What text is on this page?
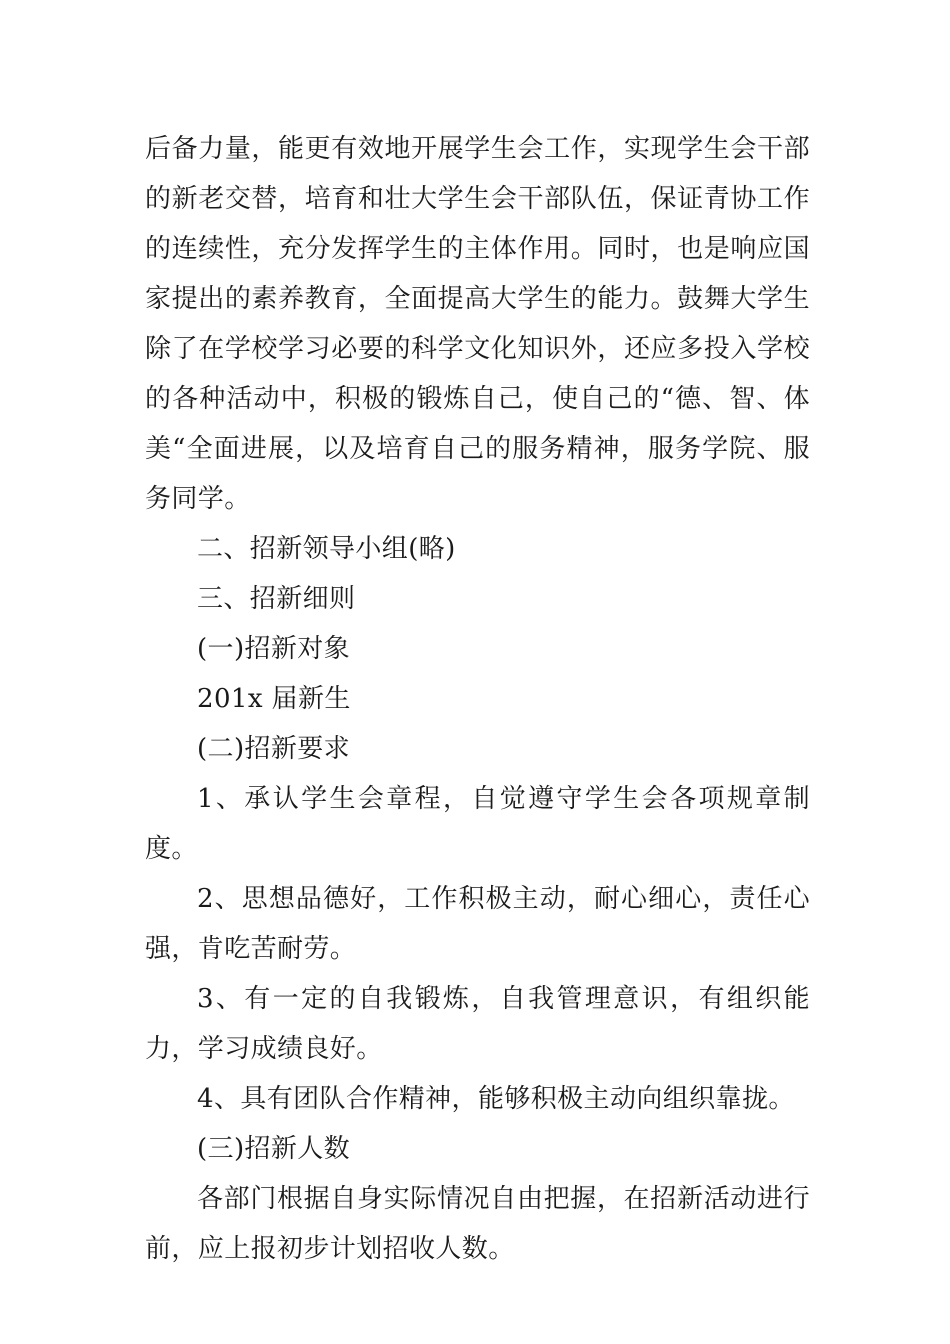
后备力量，能更有效地开展学生会工作，实现学生会干部的新老交替，培育和壮大学生会干部队伍，保证青协工作的连续性，充分发挥学生的主体作用。同时，也是响应国家提出的素养教育，全面提高大学生的能力。鼓舞大学生除了在学校学习必要的科学文化知识外，还应多投入学校的各种活动中，积极的锻炼自己，使自己的“德、智、体美“全面进展，以及培育自己的服务精神，服务学院、服务同学。

二、招新领导小组(略)

三、招新细则

(一)招新对象

201x 届新生

(二)招新要求

1、承认学生会章程，自觉遵守学生会各项规章制度。

2、思想品德好，工作积极主动，耐心细心，责任心强，肯吃苦耐劳。

3、有一定的自我锻炼，自我管理意识，有组织能力，学习成绩良好。

4、具有团队合作精神，能够积极主动向组织靠拢。

(三)招新人数

各部门根据自身实际情况自由把握，在招新活动进行前，应上报初步计划招收人数。
